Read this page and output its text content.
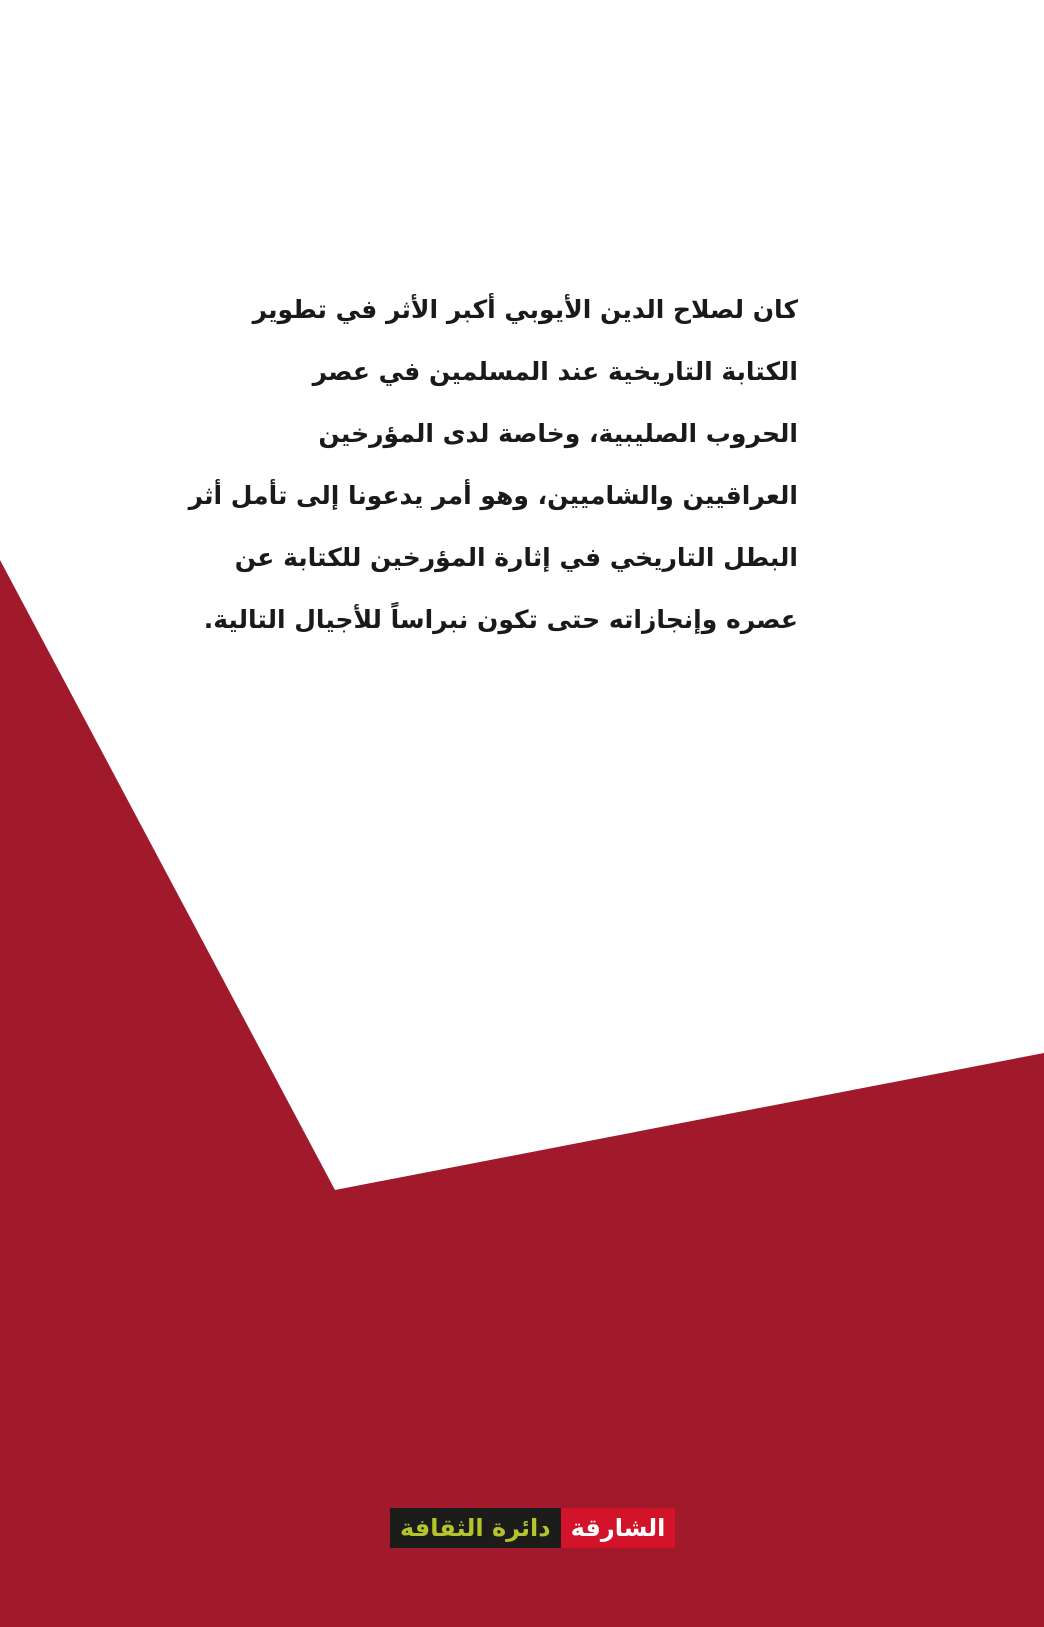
كان لصلاح الدين الأيوبي أكبر الأثر في تطوير
الكتابة التاريخية عند المسلمين في عصر
الحروب الصليبية، وخاصة لدى المؤرخين
العراقيين والشاميين، وهو أمر يدعونا إلى تأمل أثر
البطل التاريخي في إثارة المؤرخين للكتابة عن
عصره وإنجازاته حتى تكون نبراساً للأجيال التالية.
دائرة الثقافة الشارقة
